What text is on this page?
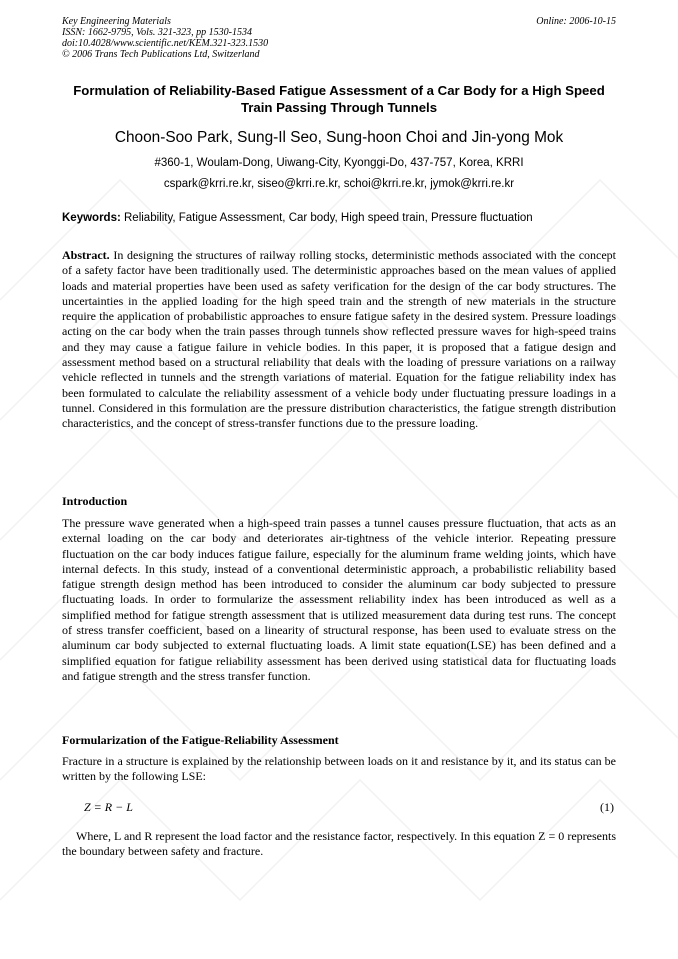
Key Engineering Materials
ISSN: 1662-9795, Vols. 321-323, pp 1530-1534
doi:10.4028/www.scientific.net/KEM.321-323.1530
© 2006 Trans Tech Publications Ltd, Switzerland
Online: 2006-10-15
Formulation of Reliability-Based Fatigue Assessment of a Car Body for a High Speed Train Passing Through Tunnels
Choon-Soo Park, Sung-Il Seo, Sung-hoon Choi and Jin-yong Mok
#360-1, Woulam-Dong, Uiwang-City, Kyonggi-Do, 437-757, Korea, KRRI
cspark@krri.re.kr, siseo@krri.re.kr, schoi@krri.re.kr, jymok@krri.re.kr
Keywords: Reliability, Fatigue Assessment, Car body, High speed train, Pressure fluctuation

Abstract. In designing the structures of railway rolling stocks, deterministic methods associated with the concept of a safety factor have been traditionally used. The deterministic approaches based on the mean values of applied loads and material properties have been used as safety verification for the design of the car body structures. The uncertainties in the applied loading for the high speed train and the strength of new materials in the structure require the application of probabilistic approaches to ensure fatigue safety in the desired system. Pressure loadings acting on the car body when the train passes through tunnels show reflected pressure waves for high-speed trains and they may cause a fatigue failure in vehicle bodies. In this paper, it is proposed that a fatigue design and assessment method based on a structural reliability that deals with the loading of pressure variations on a railway vehicle reflected in tunnels and the strength variations of material. Equation for the fatigue reliability index has been formulated to calculate the reliability assessment of a vehicle body under fluctuating pressure loadings in a tunnel. Considered in this formulation are the pressure distribution characteristics, the fatigue strength distribution characteristics, and the concept of stress-transfer functions due to the pressure loading.

Introduction

The pressure wave generated when a high-speed train passes a tunnel causes pressure fluctuation, that acts as an external loading on the car body and deteriorates air-tightness of the vehicle interior. Repeating pressure fluctuation on the car body induces fatigue failure, especially for the aluminum frame welding joints, which have internal defects. In this study, instead of a conventional deterministic approach, a probabilistic reliability based fatigue strength design method has been introduced to consider the aluminum car body subjected to pressure fluctuating loads. In order to formularize the assessment reliability index has been introduced as well as a simplified method for fatigue strength assessment that is utilized measurement data during test runs. The concept of stress transfer coefficient, based on a linearity of structural response, has been used to evaluate stress on the aluminum car body subjected to external fluctuating loads. A limit state equation(LSE) has been defined and a simplified equation for fatigue reliability assessment has been derived using statistical data for fluctuating loads and fatigue strength and the stress transfer function.

Formularization of the Fatigue-Reliability Assessment

Fracture in a structure is explained by the relationship between loads on it and resistance by it, and its status can be written by the following LSE:

Z = R − L	(1)

Where, L and R represent the load factor and the resistance factor, respectively. In this equation Z = 0 represents the boundary between safety and fracture.
